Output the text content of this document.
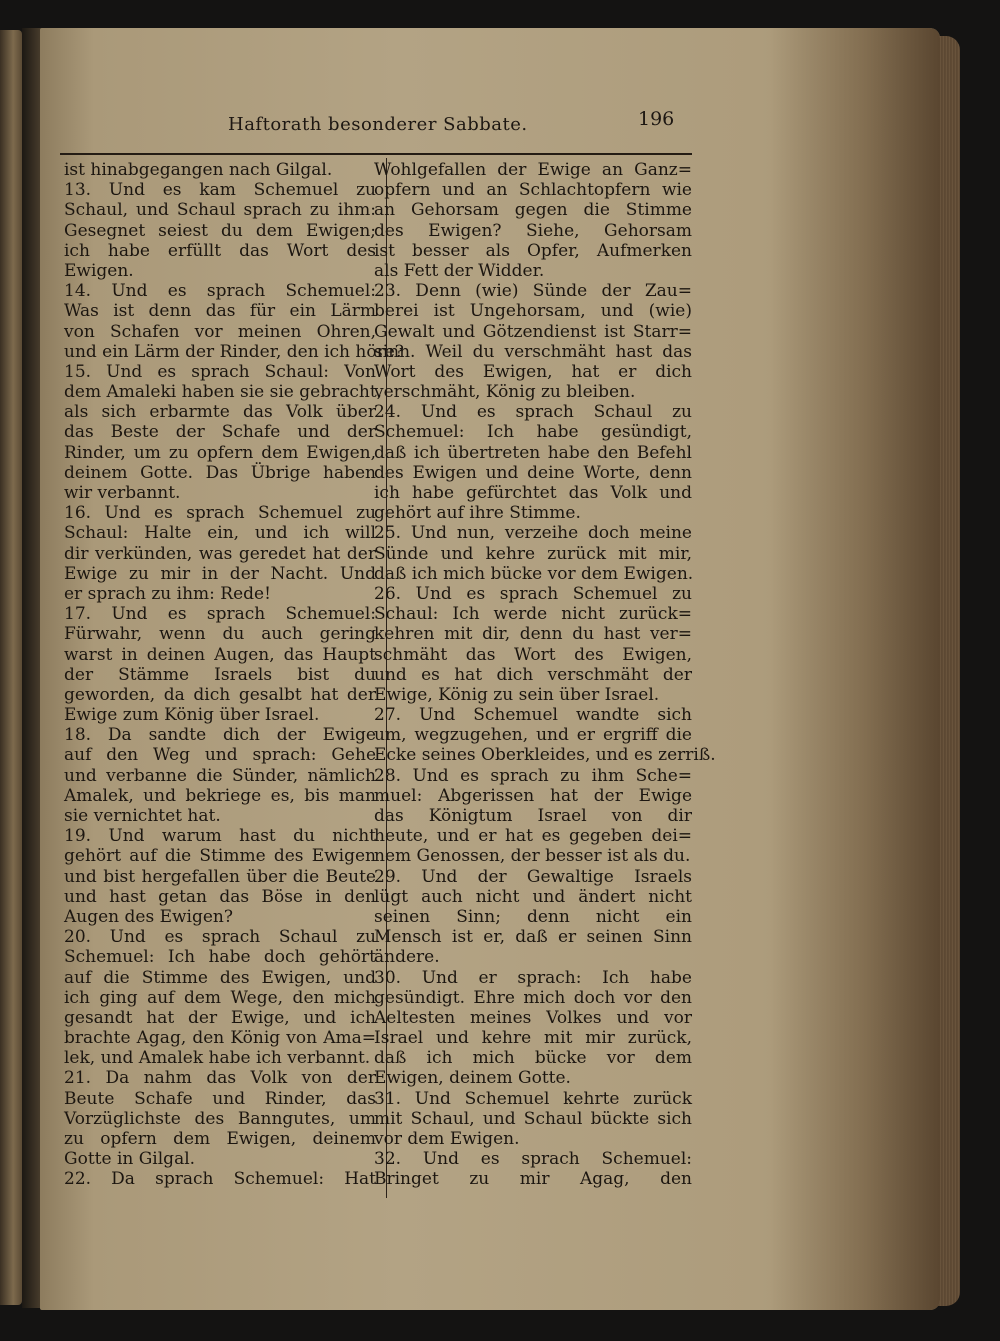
Haftorath besonderer Sabbate.	196
ist hinabgegangen nach Gilgal.
13. Und es kam Schemuel zu
Schaul, und Schaul sprach zu ihm:
Gesegnet seiest du dem Ewigen;
ich habe erfüllt das Wort des
Ewigen.
14. Und es sprach Schemuel:
Was ist denn das für ein Lärm
von Schafen vor meinen Ohren,
und ein Lärm der Rinder, den ich höre?
15. Und es sprach Schaul: Von
dem Amaleki haben sie sie gebracht,
als sich erbarmte das Volk über
das Beste der Schafe und der
Rinder, um zu opfern dem Ewigen,
deinem Gotte. Das Übrige haben
wir verbannt.
16. Und es sprach Schemuel zu
Schaul: Halte ein, und ich will
dir verkünden, was geredet hat der
Ewige zu mir in der Nacht. Und
er sprach zu ihm: Rede!
17. Und es sprach Schemuel:
Fürwahr, wenn du auch gering
warst in deinen Augen, das Haupt
der Stämme Israels bist du
geworden, da dich gesalbt hat der
Ewige zum König über Israel.
18. Da sandte dich der Ewige
auf den Weg und sprach: Gehe
und verbanne die Sünder, nämlich
Amalek, und bekriege es, bis man
sie vernichtet hat.
19. Und warum hast du nicht
gehört auf die Stimme des Ewigen
und bist hergefallen über die Beute
und hast getan das Böse in den
Augen des Ewigen?
20. Und es sprach Schaul zu
Schemuel: Ich habe doch gehört
auf die Stimme des Ewigen, und
ich ging auf dem Wege, den mich
gesandt hat der Ewige, und ich
brachte Agag, den König von Ama=
lek, und Amalek habe ich verbannt.
21. Da nahm das Volk von der
Beute Schafe und Rinder, das
Vorzüglichste des Banngutes, um
zu opfern dem Ewigen, deinem
Gotte in Gilgal.
22. Da sprach Schemuel: Hat
Wohlgefallen der Ewige an Ganz=
opfern und an Schlachtopfern wie
an Gehorsam gegen die Stimme
des Ewigen? Siehe, Gehorsam
ist besser als Opfer, Aufmerken
als Fett der Widder.
23. Denn (wie) Sünde der Zau=
berei ist Ungehorsam, und (wie)
Gewalt und Götzendienst ist Starr=
sinn. Weil du verschmäht hast das
Wort des Ewigen, hat er dich
verschmäht, König zu bleiben.
24. Und es sprach Schaul zu
Schemuel: Ich habe gesündigt,
daß ich übertreten habe den Befehl
des Ewigen und deine Worte, denn
ich habe gefürchtet das Volk und
gehört auf ihre Stimme.
25. Und nun, verzeihe doch meine
Sünde und kehre zurück mit mir,
daß ich mich bücke vor dem Ewigen.
26. Und es sprach Schemuel zu
Schaul: Ich werde nicht zurück=
kehren mit dir, denn du hast ver=
schmäht das Wort des Ewigen,
und es hat dich verschmäht der
Ewige, König zu sein über Israel.
27. Und Schemuel wandte sich
um, wegzugehen, und er ergriff die
Ecke seines Oberkleides, und es zerriß.
28. Und es sprach zu ihm Sche=
muel: Abgerissen hat der Ewige
das Königtum Israel von dir
heute, und er hat es gegeben dei=
nem Genossen, der besser ist als du.
29. Und der Gewaltige Israels
lügt auch nicht und ändert nicht
seinen Sinn; denn nicht ein
Mensch ist er, daß er seinen Sinn
ändere.
30. Und er sprach: Ich habe
gesündigt. Ehre mich doch vor den
Aeltesten meines Volkes und vor
Israel und kehre mit mir zurück,
daß ich mich bücke vor dem
Ewigen, deinem Gotte.
31. Und Schemuel kehrte zurück
mit Schaul, und Schaul bückte sich
vor dem Ewigen.
32. Und es sprach Schemuel:
Bringet zu mir Agag, den
